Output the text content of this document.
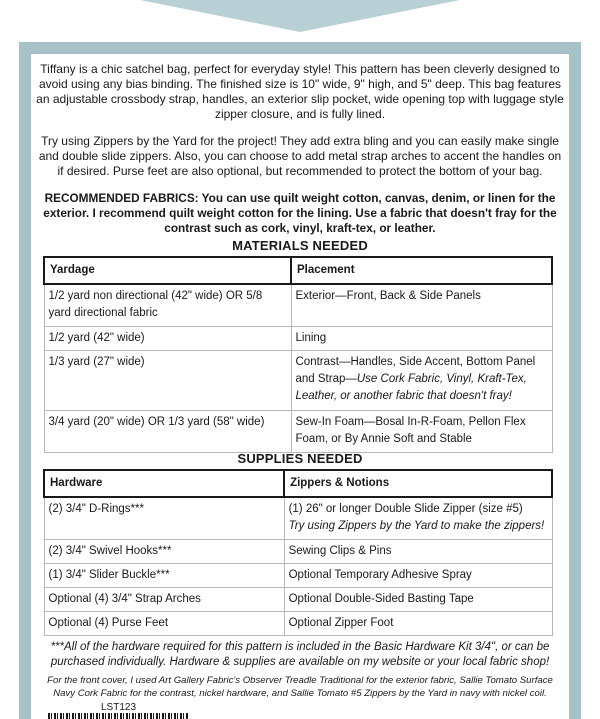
Tiffany is a chic satchel bag, perfect for everyday style! This pattern has been cleverly designed to avoid using any bias binding. The finished size is 10" wide, 9" high, and 5" deep. This bag features an adjustable crossbody strap, handles, an exterior slip pocket, wide opening top with luggage style zipper closure, and is fully lined.

Try using Zippers by the Yard for the project! They add extra bling and you can easily make single and double slide zippers. Also, you can choose to add metal strap arches to accent the handles on if desired. Purse feet are also optional, but recommended to protect the bottom of your bag.

RECOMMENDED FABRICS: You can use quilt weight cotton, canvas, denim, or linen for the exterior. I recommend quilt weight cotton for the lining. Use a fabric that doesn't fray for the contrast such as cork, vinyl, kraft-tex, or leather.

MATERIALS NEEDED
Yardage	Placement
1/2 yard non directional (42" wide) OR 5/8 yard directional fabric	Exterior—Front, Back & Side Panels
1/2 yard (42" wide)	Lining
1/3 yard (27" wide)	Contrast—Handles, Side Accent, Bottom Panel and Strap—Use Cork Fabric, Vinyl, Kraft-Tex, Leather, or another fabric that doesn't fray!
3/4 yard (20" wide) OR 1/3 yard (58" wide)	Sew-In Foam—Bosal In-R-Foam, Pellon Flex Foam, or By Annie Soft and Stable
SUPPLIES NEEDED
Hardware	Zippers & Notions
(2) 3/4" D-Rings***	(1) 26" or longer Double Slide Zipper (size #5)
Try using Zippers by the Yard to make the zippers!

(2) 3/4" Swivel Hooks***	Sewing Clips & Pins
(1) 3/4" Slider Buckle***	Optional Temporary Adhesive Spray
Optional (4) 3/4" Strap Arches	Optional Double-Sided Basting Tape
Optional (4) Purse Feet	Optional Zipper Foot
***All of the hardware required for this pattern is included in the Basic Hardware Kit 3/4", or can be purchased individually. Hardware & supplies are available on my website or your local fabric shop!
For the front cover, I used Art Gallery Fabric's Observer Treadle Traditional for the exterior fabric, Sallie Tomato Surface Navy Cork Fabric for the contrast, nickel hardware, and Sallie Tomato #5 Zippers by the Yard in navy with nickel coil.
LST123
